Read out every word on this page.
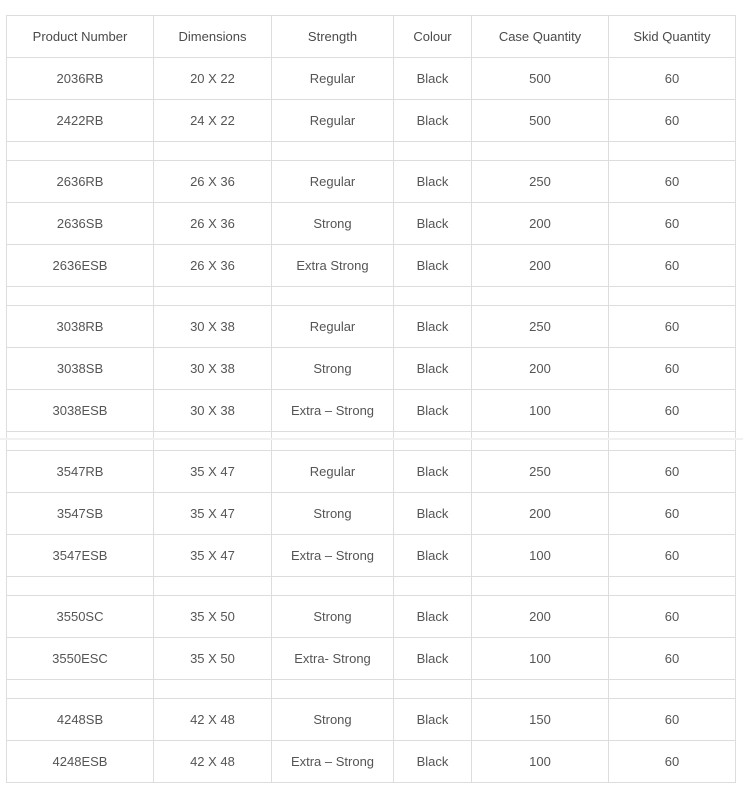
Product Number	Dimensions	Strength	Colour	Case Quantity	Skid Quantity
2036RB	20 X 22	Regular	Black	500	60
2422RB	24 X 22	Regular	Black	500	60

2636RB	26 X 36	Regular	Black	250	60
2636SB	26 X 36	Strong	Black	200	60
2636ESB	26 X 36	Extra Strong	Black	200	60

3038RB	30 X 38	Regular	Black	250	60
3038SB	30 X 38	Strong	Black	200	60
3038ESB	30 X 38	Extra – Strong	Black	100	60

3547RB	35 X 47	Regular	Black	250	60
3547SB	35 X 47	Strong	Black	200	60
3547ESB	35 X 47	Extra – Strong	Black	100	60

3550SC	35 X 50	Strong	Black	200	60
3550ESC	35 X 50	Extra- Strong	Black	100	60

4248SB	42 X 48	Strong	Black	150	60
4248ESB	42 X 48	Extra – Strong	Black	100	60
